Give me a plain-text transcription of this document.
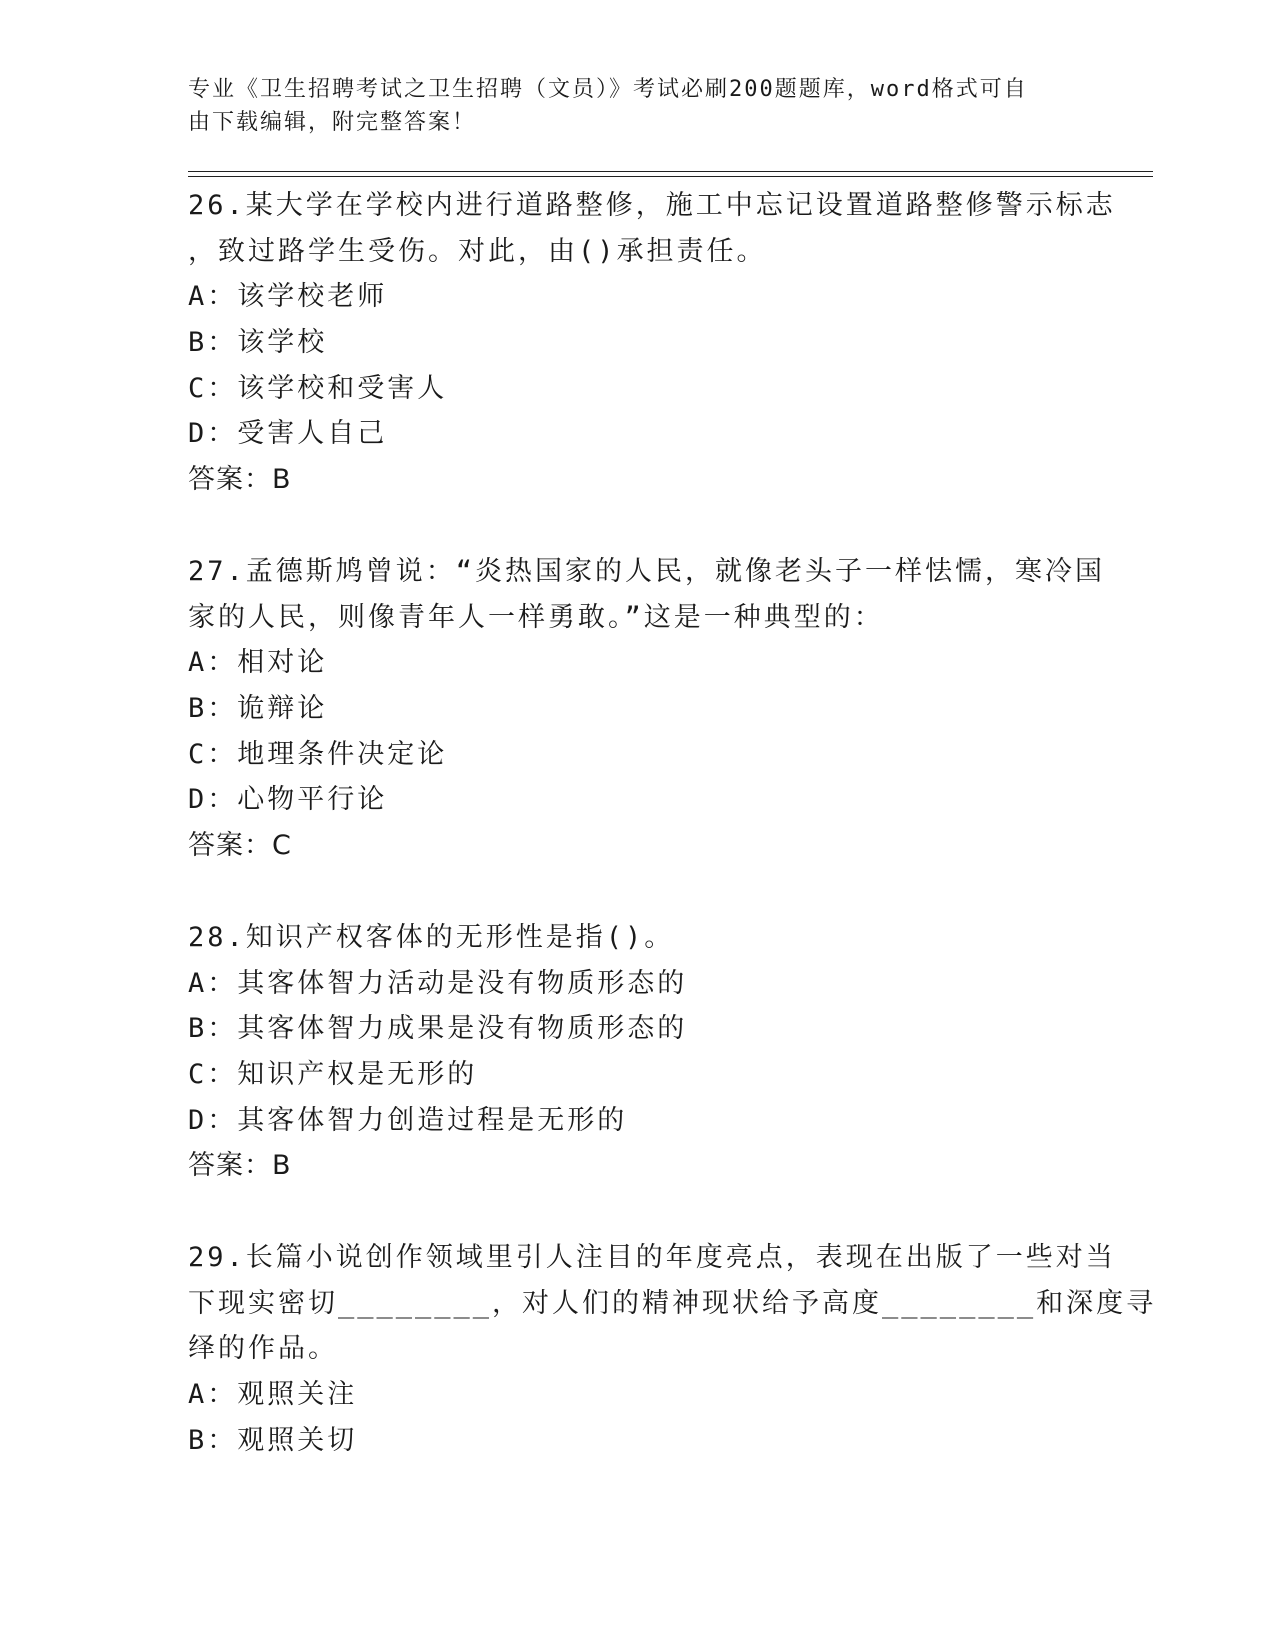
专业《卫生招聘考试之卫生招聘（文员）》考试必刷200题题库，word格式可自
由下载编辑，附完整答案！
26.某大学在学校内进行道路整修，施工中忘记设置道路整修警示标志
，致过路学生受伤。对此，由()承担责任。
A：该学校老师
B：该学校
C：该学校和受害人
D：受害人自己
答案：B
27.孟德斯鸠曾说：“炎热国家的人民，就像老头子一样怯懦，寒冷国
家的人民，则像青年人一样勇敢。”这是一种典型的：
A：相对论
B：诡辩论
C：地理条件决定论
D：心物平行论
答案：C
28.知识产权客体的无形性是指()。
A：其客体智力活动是没有物质形态的
B：其客体智力成果是没有物质形态的
C：知识产权是无形的
D：其客体智力创造过程是无形的
答案：B
29.长篇小说创作领域里引人注目的年度亮点，表现在出版了一些对当
下现实密切________，对人们的精神现状给予高度________和深度寻
绎的作品。
A：观照关注
B：观照关切
